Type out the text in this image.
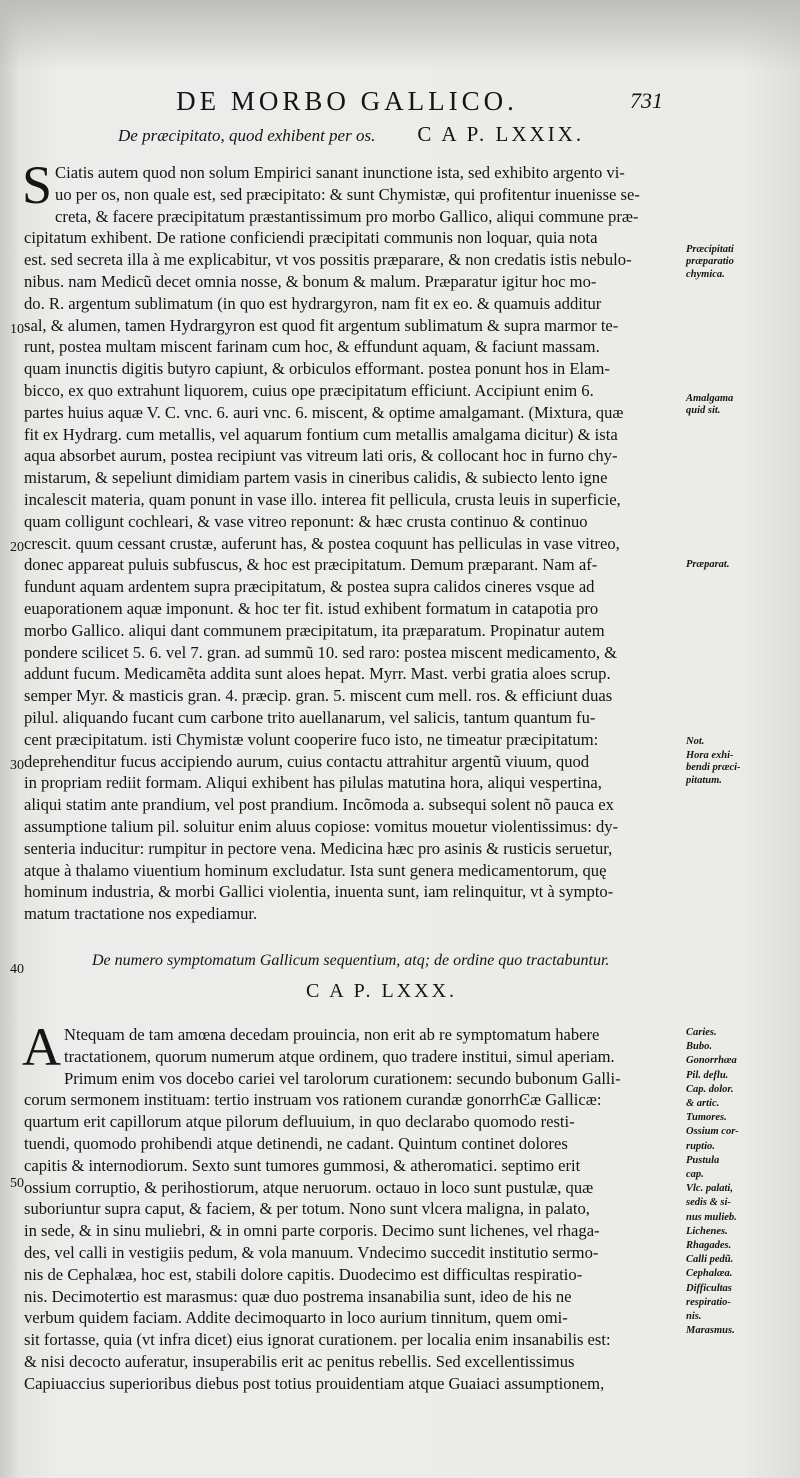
DE MORBO GALLICO.	731
De præcipitato, quod exhibent per os. C A P. LXXIX.
S Ciatis autem quod non solum Empirici sanant inunctione ista, sed exhibito argento vi-
uo per os, non quale est, sed præcipitato: & sunt Chymistæ, qui profitentur inuenisse se-
creta, & facere præcipitatum præstantissimum pro morbo Gallico, aliqui commune præ-
cipitatum exhibent. De ratione conficiendi præcipitati communis non loquar, quia nota
est. sed secreta illa à me explicabitur, vt vos possitis præparare, & non credatis istis nebulo-
nibus. nam Medicũ decet omnia nosse, & bonum & malum. Præparatur igitur hoc mo-
do. R. argentum sublimatum (in quo est hydrargyron, nam fit ex eo. & quamuis additur
sal, & alumen, tamen Hydrargyron est quod fit argentum sublimatum & supra marmor te-
runt, postea multam miscent farinam cum hoc, & effundunt aquam, & faciunt massam.
quam inunctis digitis butyro capiunt, & orbiculos efformant. postea ponunt hos in Elam-
bicco, ex quo extrahunt liquorem, cuius ope præcipitatum efficiunt. Accipiunt enim 6.
partes huius aquæ V. C. vnc. 6. auri vnc. 6. miscent, & optime amalgamant. (Mixtura, quæ
fit ex Hydrarg. cum metallis, vel aquarum fontium cum metallis amalgama dicitur) & ista
aqua absorbet aurum, postea recipiunt vas vitreum lati oris, & collocant hoc in furno chy-
mistarum, & sepeliunt dimidiam partem vasis in cineribus calidis, & subiecto lento igne
incalescit materia, quam ponunt in vase illo. interea fit pellicula, crusta leuis in superficie,
quam colligunt cochleari, & vase vitreo reponunt: & hæc crusta continuo & continuo
crescit. quum cessant crustæ, auferunt has, & postea coquunt has pelliculas in vase vitreo,
donec appareat puluis subfuscus, & hoc est præcipitatum. Demum præparant. Nam af-
fundunt aquam ardentem supra præcipitatum, & postea supra calidos cineres vsque ad
euaporationem aquæ imponunt. & hoc ter fit. istud exhibent formatum in catapotia pro
morbo Gallico. aliqui dant communem præcipitatum, ita præparatum. Propinatur autem
pondere scilicet 5. 6. vel 7. gran. ad summũ 10. sed raro: postea miscent medicamento, &
addunt fucum. Medicamẽta addita sunt aloes hepat. Myrr. Mast. verbi gratia aloes scrup.
semper Myr. & masticis gran. 4. præcip. gran. 5. miscent cum mell. ros. & efficiunt duas
pilul. aliquando fucant cum carbone trito auellanarum, vel salicis, tantum quantum fu-
cent præcipitatum. isti Chymistæ volunt cooperire fuco isto, ne timeatur præcipitatum:
deprehenditur fucus accipiendo aurum, cuius contactu attrahitur argentũ viuum, quod
in propriam rediit formam. Aliqui exhibent has pilulas matutina hora, aliqui vespertina,
aliqui statim ante prandium, vel post prandium. Incõmoda a. subsequi solent nõ pauca ex
assumptione talium pil. soluitur enim aluus copiose: vomitus mouetur violentissimus: dy-
senteria inducitur: rumpitur in pectore vena. Medicina hæc pro asinis & rusticis seruetur,
atque à thalamo viuentium hominum excludatur. Ista sunt genera medicamentorum, quę
hominum industria, & morbi Gallici violentia, inuenta sunt, iam relinquitur, vt à sympto-
matum tractatione nos expediamur.
10
20
30
Præcipitati
præparatio
chymica.
Amalgama
quid sit.
Præparat.
Not.
Hora exhi-
bendi præci-
pitatum.
40
De numero symptomatum Gallicum sequentium, atq; de ordine quo tractabuntur.
C A P. LXXX.
A Ntequam de tam amœna decedam prouincia, non erit ab re symptomatum habere
tractationem, quorum numerum atque ordinem, quo tradere institui, simul aperiam.
Primum enim vos docebo cariei vel tarolorum curationem: secundo bubonum Galli-
corum sermonem instituam: tertio instruam vos rationem curandæ gonorrhϾæ Gallicæ:
quartum erit capillorum atque pilorum defluuium, in quo declarabo quomodo resti-
tuendi, quomodo prohibendi atque detinendi, ne cadant. Quintum continet dolores
capitis & internodiorum. Sexto sunt tumores gummosi, & atheromatici. septimo erit
ossium corruptio, & perihostiorum, atque neruorum. octauo in loco sunt pustulæ, quæ
suboriuntur supra caput, & faciem, & per totum. Nono sunt vlcera maligna, in palato,
in sede, & in sinu muliebri, & in omni parte corporis. Decimo sunt lichenes, vel rhaga-
des, vel calli in vestigiis pedum, & vola manuum. Vndecimo succedit institutio sermo-
nis de Cephalæa, hoc est, stabili dolore capitis. Duodecimo est difficultas respiratio-
nis. Decimotertio est marasmus: quæ duo postrema insanabilia sunt, ideo de his ne
verbum quidem faciam. Addite decimoquarto in loco aurium tinnitum, quem omi-
sit fortasse, quia (vt infra dicet) eius ignorat curationem. per localia enim insanabilis est:
& nisi decocto auferatur, insuperabilis erit ac penitus rebellis. Sed excellentissimus
Capiuaccius superioribus diebus post totius prouidentiam atque Guaiaci assumptionem,
50
Caries.
Bubo.
Gonorrhæa
Pil. deflu.
Cap. dolor.
& artic.
Tumores.
Ossium cor-
ruptio.
Pustula
cap.
Vlc. palati,
sedis & si-
nus mulieb.
Lichenes.
Rhagades.
Calli pedũ.
Cephalæa.
Difficultas
respiratio-
nis.
Marasmus.
